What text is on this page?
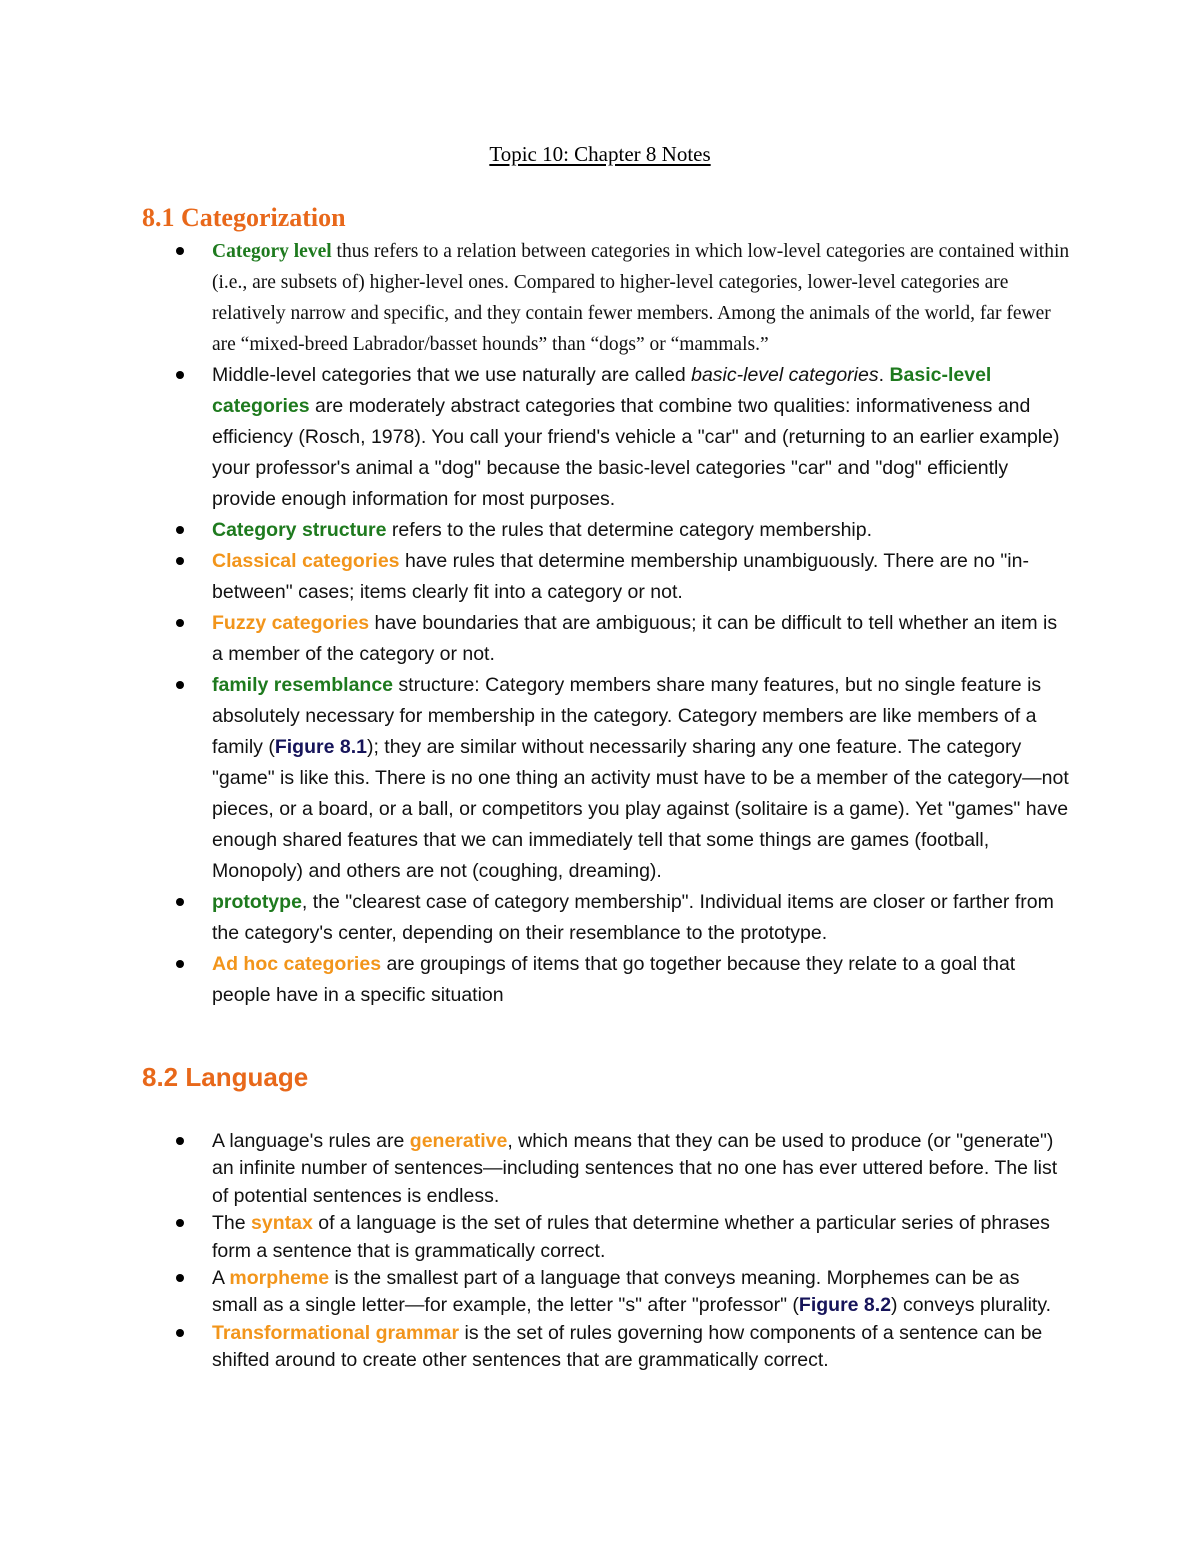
Topic 10: Chapter 8 Notes
8.1 Categorization
Category level thus refers to a relation between categories in which low-level categories are contained within (i.e., are subsets of) higher-level ones. Compared to higher-level categories, lower-level categories are relatively narrow and specific, and they contain fewer members. Among the animals of the world, far fewer are “mixed-breed Labrador/basset hounds” than “dogs” or “mammals.”
Middle-level categories that we use naturally are called basic-level categories. Basic-level categories are moderately abstract categories that combine two qualities: informativeness and efficiency (Rosch, 1978). You call your friend's vehicle a "car" and (returning to an earlier example) your professor's animal a "dog" because the basic-level categories "car" and "dog" efficiently provide enough information for most purposes.
Category structure refers to the rules that determine category membership.
Classical categories have rules that determine membership unambiguously. There are no "in-between" cases; items clearly fit into a category or not.
Fuzzy categories have boundaries that are ambiguous; it can be difficult to tell whether an item is a member of the category or not.
family resemblance structure: Category members share many features, but no single feature is absolutely necessary for membership in the category. Category members are like members of a family (Figure 8.1); they are similar without necessarily sharing any one feature. The category "game" is like this. There is no one thing an activity must have to be a member of the category—not pieces, or a board, or a ball, or competitors you play against (solitaire is a game). Yet "games" have enough shared features that we can immediately tell that some things are games (football, Monopoly) and others are not (coughing, dreaming).
prototype, the "clearest case of category membership". Individual items are closer or farther from the category's center, depending on their resemblance to the prototype.
Ad hoc categories are groupings of items that go together because they relate to a goal that people have in a specific situation
8.2 Language
A language's rules are generative, which means that they can be used to produce (or "generate") an infinite number of sentences—including sentences that no one has ever uttered before. The list of potential sentences is endless.
The syntax of a language is the set of rules that determine whether a particular series of phrases form a sentence that is grammatically correct.
A morpheme is the smallest part of a language that conveys meaning. Morphemes can be as small as a single letter—for example, the letter "s" after "professor" (Figure 8.2) conveys plurality.
Transformational grammar is the set of rules governing how components of a sentence can be shifted around to create other sentences that are grammatically correct.
